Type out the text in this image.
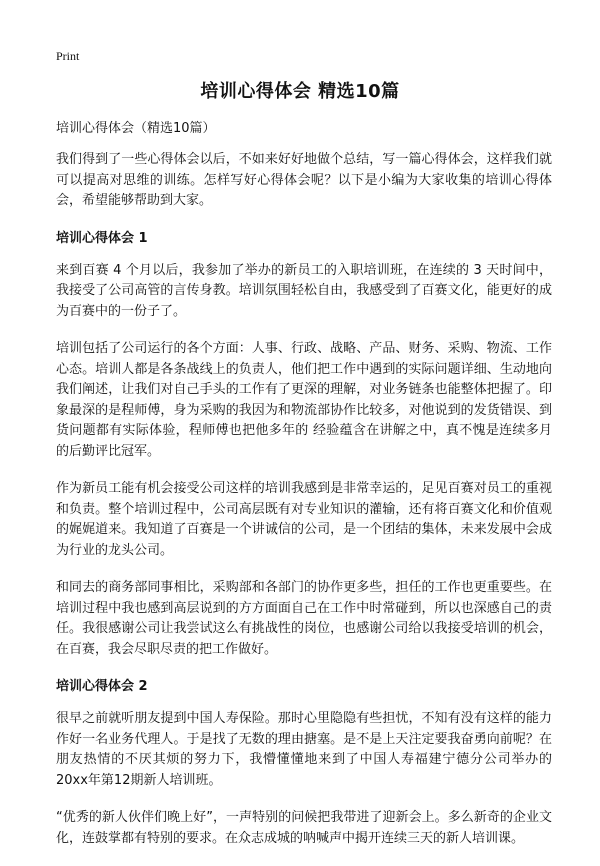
Print
培训心得体会 精选10篇
培训心得体会（精选10篇）

我们得到了一些心得体会以后，不如来好好地做个总结，写一篇心得体会，这样我们就可以提高对思维的训练。怎样写好心得体会呢？以下是小编为大家收集的培训心得体会，希望能够帮助到大家。

培训心得体会 1

来到百赛 4 个月以后，我参加了举办的新员工的入职培训班，在连续的 3 天时间中，我接受了公司高管的言传身教。培训氛围轻松自由，我感受到了百赛文化，能更好的成为百赛中的一份子了。

培训包括了公司运行的各个方面：人事、行政、战略、产品、财务、采购、物流、工作心态。培训人都是各条战线上的负责人，他们把工作中遇到的实际问题详细、生动地向我们阐述，让我们对自己手头的工作有了更深的理解，对业务链条也能整体把握了。印象最深的是程师傅，身为采购的我因为和物流部协作比较多，对他说到的发货错误、到货问题都有实际体验，程师傅也把他多年的 经验蕴含在讲解之中，真不愧是连续多月的后勤评比冠军。

作为新员工能有机会接受公司这样的培训我感到是非常幸运的，足见百赛对员工的重视和负责。整个培训过程中，公司高层既有对专业知识的灌输，还有将百赛文化和价值观的娓娓道来。我知道了百赛是一个讲诚信的公司，是一个团结的集体，未来发展中会成为行业的龙头公司。

和同去的商务部同事相比，采购部和各部门的协作更多些，担任的工作也更重要些。在培训过程中我也感到高层说到的方方面面自己在工作中时常碰到，所以也深感自己的责任。我很感谢公司让我尝试这么有挑战性的岗位，也感谢公司给以我接受培训的机会，在百赛，我会尽职尽责的把工作做好。

培训心得体会 2

很早之前就听朋友提到中国人寿保险。那时心里隐隐有些担忧，不知有没有这样的能力作好一名业务代理人。于是找了无数的理由搪塞。是不是上天注定要我奋勇向前呢？在朋友热情的不厌其烦的努力下，我懵懂懂地来到了中国人寿福建宁德分公司举办的20xx年第12期新人培训班。

“优秀的新人伙伴们晚上好”，一声特别的问候把我带进了迎新会上。多么新奇的企业文化，连鼓掌都有特别的要求。在众志成城的呐喊声中揭开连续三天的新人培训课。
